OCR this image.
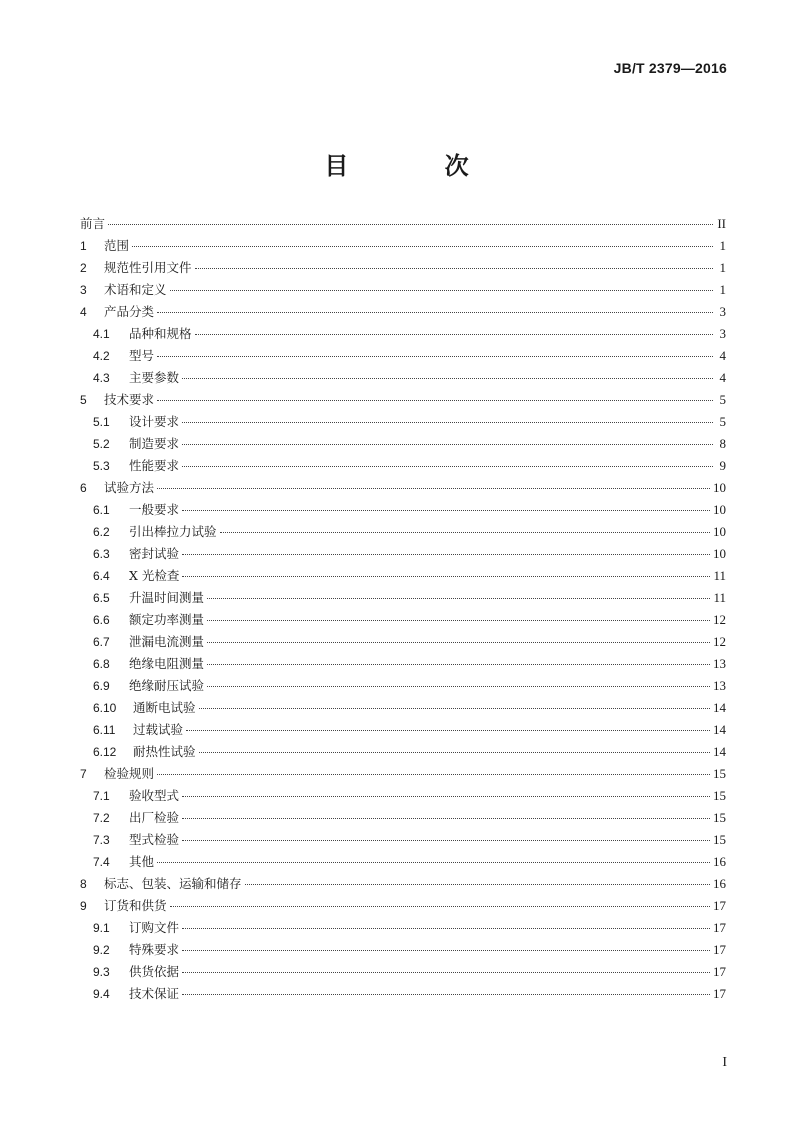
JB/T 2379—2016
目 次
前言	II
1	范围	1
2	规范性引用文件	1
3	术语和定义	1
4	产品分类	3
4.1	品种和规格	3
4.2	型号	4
4.3	主要参数	4
5	技术要求	5
5.1	设计要求	5
5.2	制造要求	8
5.3	性能要求	9
6	试验方法	10
6.1	一般要求	10
6.2	引出棒拉力试验	10
6.3	密封试验	10
6.4	X 光检查	11
6.5	升温时间测量	11
6.6	额定功率测量	12
6.7	泄漏电流测量	12
6.8	绝缘电阻测量	13
6.9	绝缘耐压试验	13
6.10	通断电试验	14
6.11	过载试验	14
6.12	耐热性试验	14
7	检验规则	15
7.1	验收型式	15
7.2	出厂检验	15
7.3	型式检验	15
7.4	其他	16
8	标志、包装、运输和储存	16
9	订货和供货	17
9.1	订购文件	17
9.2	特殊要求	17
9.3	供货依据	17
9.4	技术保证	17
I
